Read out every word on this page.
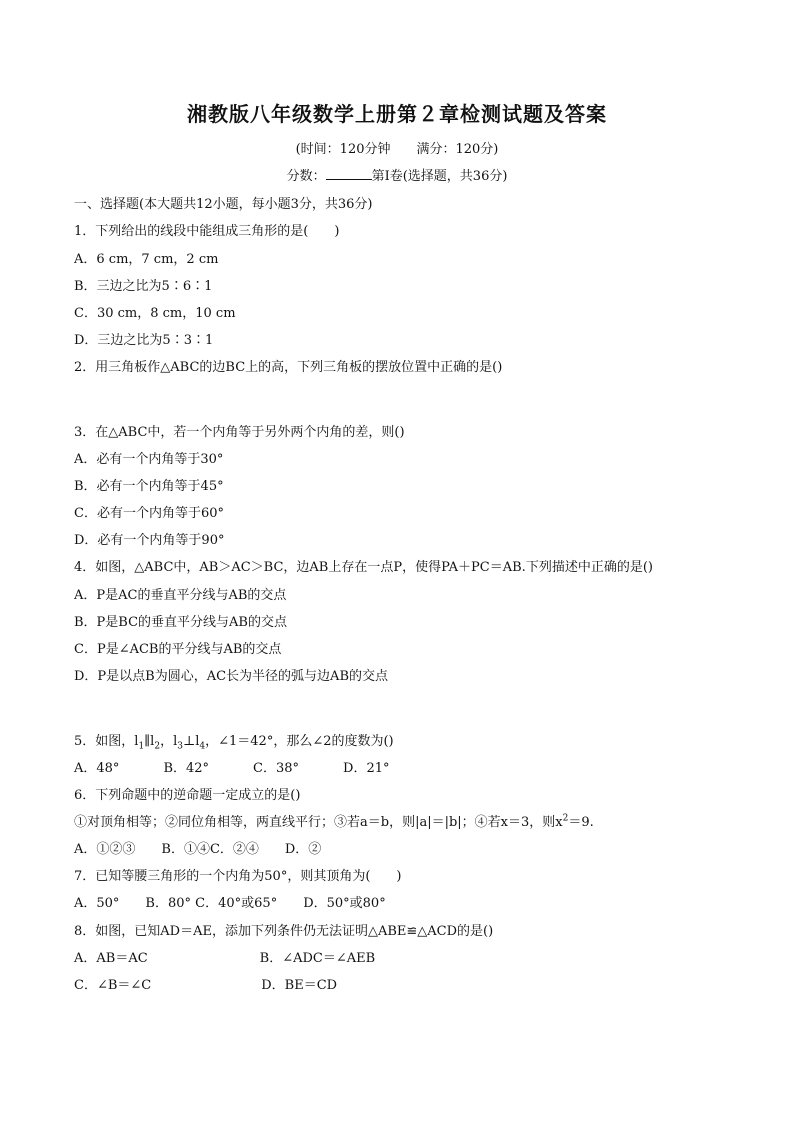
湘教版八年级数学上册第２章检测试题及答案
(时间：120分钟　　满分：120分)
分数：	第Ⅰ卷(选择题，共36分)
一、选择题(本大题共12小题，每小题3分，共36分)
1．下列给出的线段中能组成三角形的是(　　)
A．6 cm，7 cm，2 cm
B．三边之比为5∶6∶1
C．30 cm，8 cm，10 cm
D．三边之比为5∶3∶1
2．用三角板作△ABC的边BC上的高，下列三角板的摆放位置中正确的是()
3．在△ABC中，若一个内角等于另外两个内角的差，则()
A．必有一个内角等于30°
B．必有一个内角等于45°
C．必有一个内角等于60°
D．必有一个内角等于90°
4．如图，△ABC中，AB＞AC＞BC，边AB上存在一点P，使得PA＋PC＝AB.下列描述中正确的是()
A．P是AC的垂直平分线与AB的交点
B．P是BC的垂直平分线与AB的交点
C．P是∠ACB的平分线与AB的交点
D．P是以点B为圆心，AC长为半径的弧与边AB的交点
5．如图，$l_1\parallel l_2$，$l_3\perp l_4$，∠1＝42°，那么∠2的度数为()
A．48°	B．42°	C．38°	D．21°
6．下列命题中的逆命题一定成立的是()
①对顶角相等；②同位角相等，两直线平行；③若a＝b，则|a|＝|b|；④若x＝3，则$x^2=9$.
A．①②③　　B．①④C．②④　　D．②
7．已知等腰三角形的一个内角为50°，则其顶角为(　　)
A．50°　　B．80° C．40°或65°　　D．50°或80°
8．如图，已知AD＝AE，添加下列条件仍无法证明△ABE≌△ACD的是()
A．AB＝AC	B．∠ADC＝∠AEB
C．∠B＝∠C	D．BE＝CD
